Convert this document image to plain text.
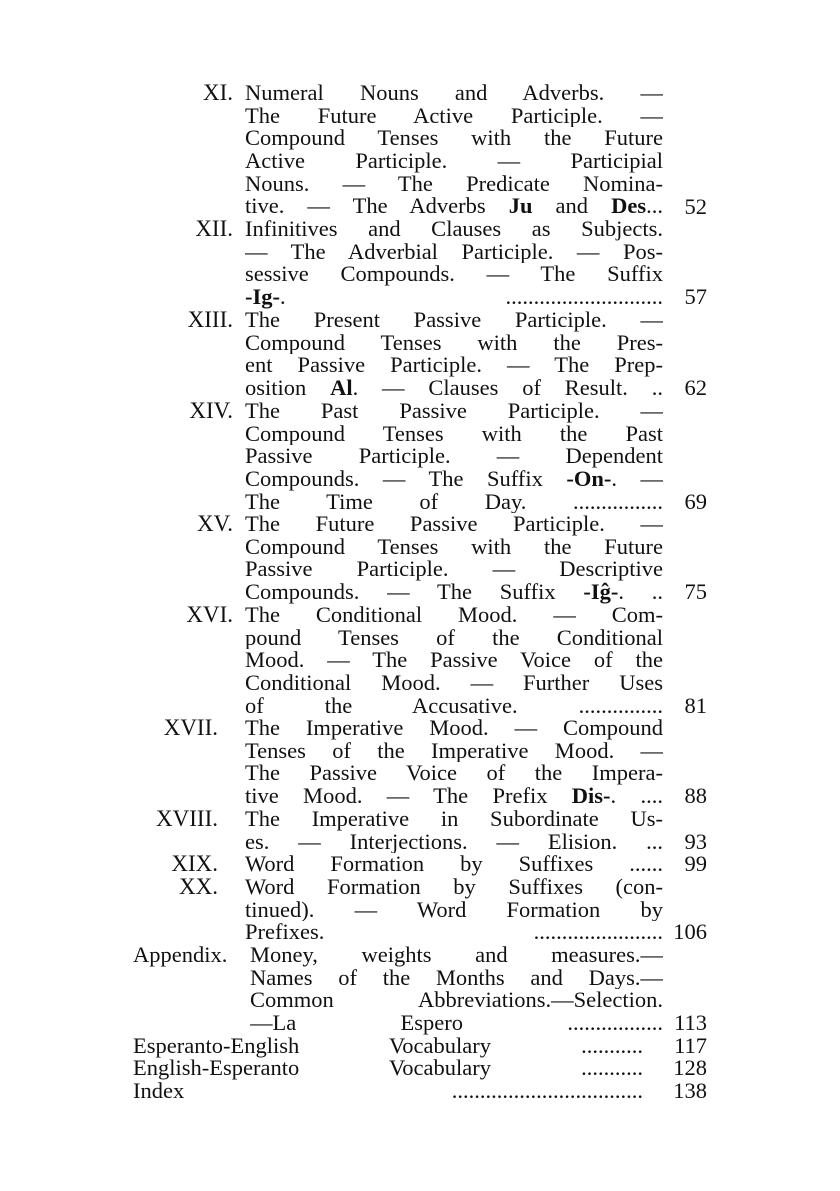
XI. Numeral Nouns and Adverbs. —
The Future Active Participle. —
Compound Tenses with the Future
Active Participle. — Participial
Nouns. — The Predicate Nomina-
tive. — The Adverbs Ju and Des... 52
XII. Infinitives and Clauses as Subjects.
— The Adverbial Participle. — Pos-
sessive Compounds. — The Suffix
-Ig-. ............................ 57
XIII. The Present Passive Participle. —
Compound Tenses with the Pres-
ent Passive Participle. — The Prep-
osition Al. — Clauses of Result. .. 62
XIV. The Past Passive Participle. —
Compound Tenses with the Past
Passive Participle. — Dependent
Compounds. — The Suffix -On-. —
The Time of Day. ................ 69
XV. The Future Passive Participle. —
Compound Tenses with the Future
Passive Participle. — Descriptive
Compounds. — The Suffix -Iĝ-. .. 75
XVI. The Conditional Mood. — Com-
pound Tenses of the Conditional
Mood. — The Passive Voice of the
Conditional Mood. — Further Uses
of the Accusative. ............... 81
XVII. The Imperative Mood. — Compound
Tenses of the Imperative Mood. —
The Passive Voice of the Impera-
tive Mood. — The Prefix Dis-. .... 88
XVIII. The Imperative in Subordinate Us-
es. — Interjections. — Elision. ... 93
XIX. Word Formation by Suffixes ...... 99
XX. Word Formation by Suffixes (con-
tinued). — Word Formation by
Prefixes. ....................... 106
Appendix. Money, weights and measures.—
Names of the Months and Days.—
Common Abbreviations.—Selection.
—La Espero ................. 113
Esperanto-English Vocabulary ...........	117
English-Esperanto Vocabulary ...........	128
Index ..................................	138
